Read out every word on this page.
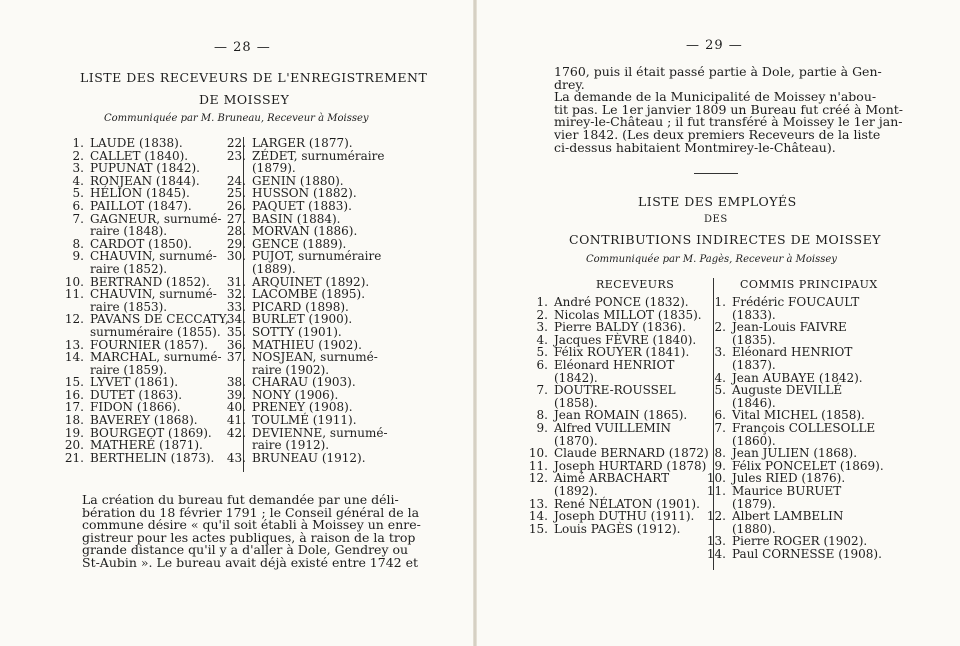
— 28 —
LISTE DES RECEVEURS DE L'ENREGISTREMENT
DE MOISSEY
Communiquée par M. Bruneau, Receveur à Moissey
1. LAUDE (1838).
2. CALLET (1840).
3. PUPUNAT (1842).
4. RONJEAN (1844).
5. HÉLION (1845).
6. PAILLOT (1847).
7. GAGNEUR, surnumé-
raire (1848).
8. CARDOT (1850).
9. CHAUVIN, surnumé-
raire (1852).
10. BERTRAND (1852).
11. CHAUVIN, surnumé-
raire (1853).
12. PAVANS DE CECCATY,
surnuméraire (1855).
13. FOURNIER (1857).
14. MARCHAL, surnumé-
raire (1859).
15. LYVET (1861).
16. DUTET (1863).
17. FIDON (1866).
18. BAVEREY (1868).
19. BOURGEOT (1869).
20. MATHERÉ (1871).
21. BERTHELIN (1873).
22. LARGER (1877).
23. ZÉDET, surnuméraire
(1879).
24. GENIN (1880).
25. HUSSON (1882).
26. PAQUET (1883).
27. BASIN (1884).
28. MORVAN (1886).
29. GENCE (1889).
30. PUJOT, surnuméraire
(1889).
31. ARQUINET (1892).
32. LACOMBE (1895).
33. PICARD (1898).
34. BURLET (1900).
35. SOTTY (1901).
36. MATHIEU (1902).
37. NOSJEAN, surnumé-
raire (1902).
38. CHARAU (1903).
39. NONY (1906).
40. PRENEY (1908).
41. TOULMÉ (1911).
42. DEVIENNE, surnumé-
raire (1912).
43. BRUNEAU (1912).
La création du bureau fut demandée par une déli-
bération du 18 février 1791 ; le Conseil général de la
commune désire « qu'il soit établi à Moissey un enre-
gistreur pour les actes publiques, à raison de la trop
grande distance qu'il y a d'aller à Dole, Gendrey ou
St-Aubin ». Le bureau avait déjà existé entre 1742 et
— 29 —
1760, puis il était passé partie à Dole, partie à Gen-
drey.
La demande de la Municipalité de Moissey n'abou-
tit pas. Le 1er janvier 1809 un Bureau fut créé à Mont-
mirey-le-Château ; il fut transféré à Moissey le 1er jan-
vier 1842. (Les deux premiers Receveurs de la liste
ci-dessus habitaient Montmirey-le-Château).
LISTE DES EMPLOYÉS
DES
CONTRIBUTIONS INDIRECTES DE MOISSEY
Communiquée par M. Pagès, Receveur à Moissey
RECEVEURS	COMMIS PRINCIPAUX
1. André PONCE (1832).
2. Nicolas MILLOT (1835).
3. Pierre BALDY (1836).
4. Jacques FÈVRE (1840).
5. Félix ROUYER (1841).
6. Eléonard HENRIOT
(1842).
7. DOUTRE-ROUSSEL
(1858).
8. Jean ROMAIN (1865).
9. Alfred VUILLEMIN
(1870).
10. Claude BERNARD (1872)
11. Joseph HURTARD (1878)
12. Aimé ARBACHART
(1892).
13. René NÉLATON (1901).
14. Joseph DUTHU (1911).
15. Louis PAGÈS (1912).
1. Frédéric FOUCAULT
(1833).
2. Jean-Louis FAIVRE
(1835).
3. Eléonard HENRIOT
(1837).
4. Jean AUBAYE (1842).
5. Auguste DEVILLÉ
(1846).
6. Vital MICHEL (1858).
7. François COLLESOLLE
(1860).
8. Jean JULIEN (1868).
9. Félix PONCELET (1869).
10. Jules RIED (1876).
11. Maurice BURUET
(1879).
12. Albert LAMBELIN
(1880).
13. Pierre ROGER (1902).
14. Paul CORNESSE (1908).
